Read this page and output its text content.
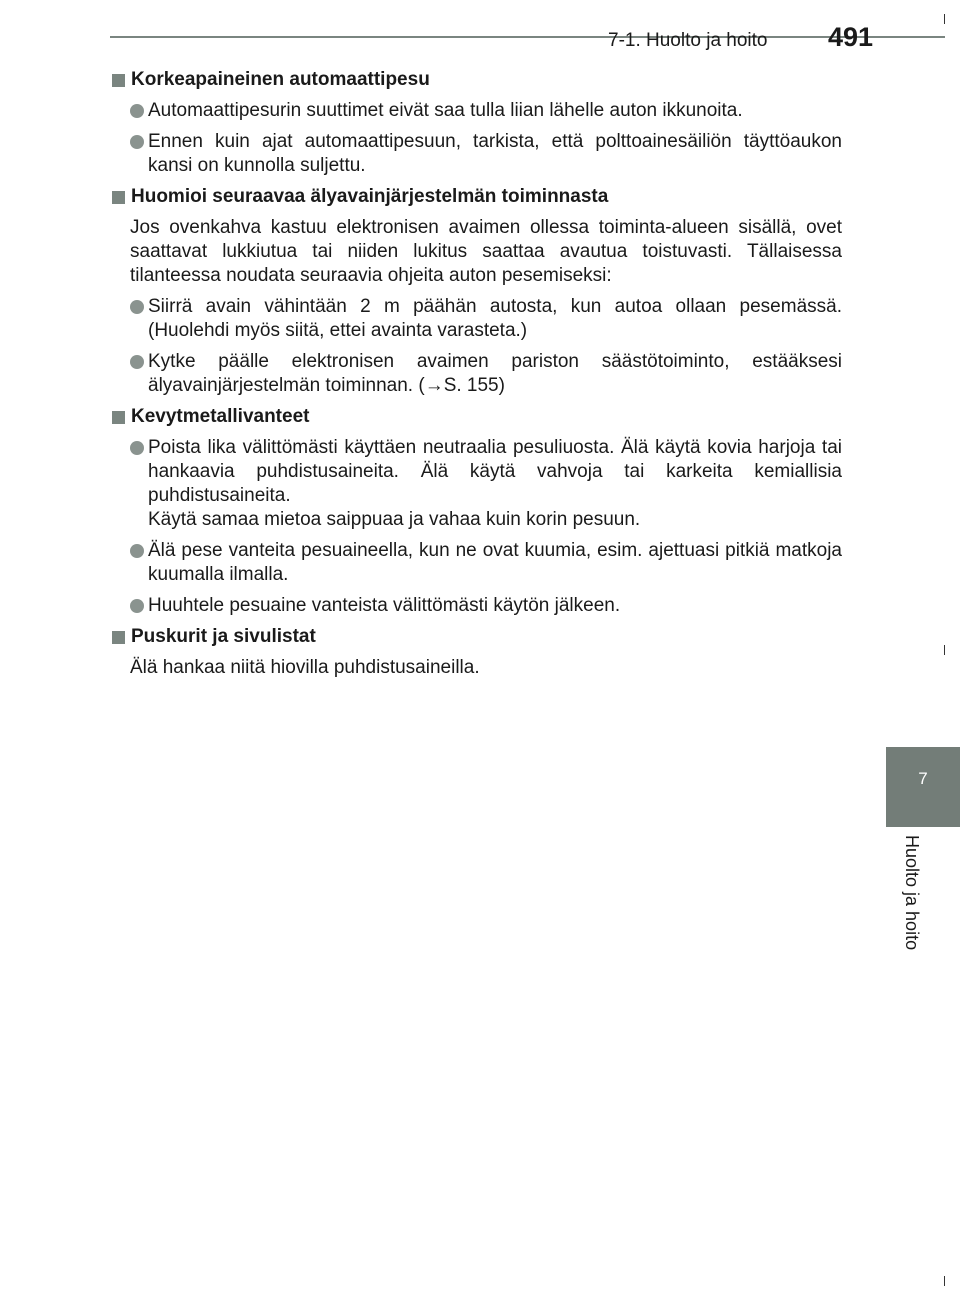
7-1. Huolto ja hoito 491
7
Huolto ja hoito
Korkeapaineinen automaattipesu
Automaattipesurin suuttimet eivät saa tulla liian lähelle auton ikkunoita.
Ennen kuin ajat automaattipesuun, tarkista, että polttoainesäiliön täyttöaukon kansi on kunnolla suljettu.
Huomioi seuraavaa älyavainjärjestelmän toiminnasta
Jos ovenkahva kastuu elektronisen avaimen ollessa toiminta-alueen sisällä, ovet saattavat lukkiutua tai niiden lukitus saattaa avautua toistuvasti. Tällaisessa tilanteessa noudata seuraavia ohjeita auton pesemiseksi:
Siirrä avain vähintään 2 m päähän autosta, kun autoa ollaan pesemässä. (Huolehdi myös siitä, ettei avainta varasteta.)
Kytke päälle elektronisen avaimen pariston säästötoiminto, estääksesi älyavainjärjestelmän toiminnan. (→S. 155)
Kevytmetallivanteet
Poista lika välittömästi käyttäen neutraalia pesuliuosta. Älä käytä kovia harjoja tai hankaavia puhdistusaineita. Älä käytä vahvoja tai karkeita kemiallisia puhdistusaineita.
Käytä samaa mietoa saippuaa ja vahaa kuin korin pesuun.
Älä pese vanteita pesuaineella, kun ne ovat kuumia, esim. ajettuasi pitkiä matkoja kuumalla ilmalla.
Huuhtele pesuaine vanteista välittömästi käytön jälkeen.
Puskurit ja sivulistat
Älä hankaa niitä hiovilla puhdistusaineilla.
